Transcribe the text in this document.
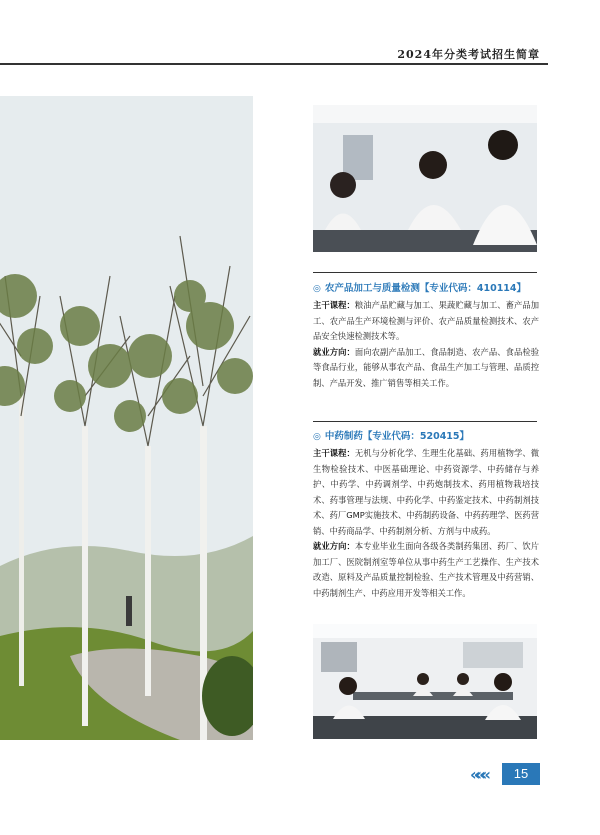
2024年分类考试招生简章
◎ 农产品加工与质量检测【专业代码：410114】

主干课程：粮油产品贮藏与加工、果蔬贮藏与加工、畜产品加工、农产品生产环境检测与评价、农产品质量检测技术、农产品安全快速检测技术等。

就业方向：面向农副产品加工、食品制造、农产品、食品检验等食品行业，能够从事农产品、食品生产加工与管理、品质控制、产品开发、推广销售等相关工作。

◎ 中药制药【专业代码：520415】

主干课程：无机与分析化学、生理生化基础、药用植物学、微生物检验技术、中医基础理论、中药资源学、中药储存与养护、中药学、中药调剂学、中药炮制技术、药用植物栽培技术、药事管理与法规、中药化学、中药鉴定技术、中药制剂技术、药厂GMP实施技术、中药制药设备、中药药理学、医药营销、中药商品学、中药制剂分析、方剂与中成药。

就业方向：本专业毕业生面向各级各类制药集团、药厂、饮片加工厂、医院制剂室等单位从事中药生产工艺操作、生产技术改造、原料及产品质量控制检验、生产技术管理及中药营销、中药制剂生产、中药应用开发等相关工作。

«««	15
